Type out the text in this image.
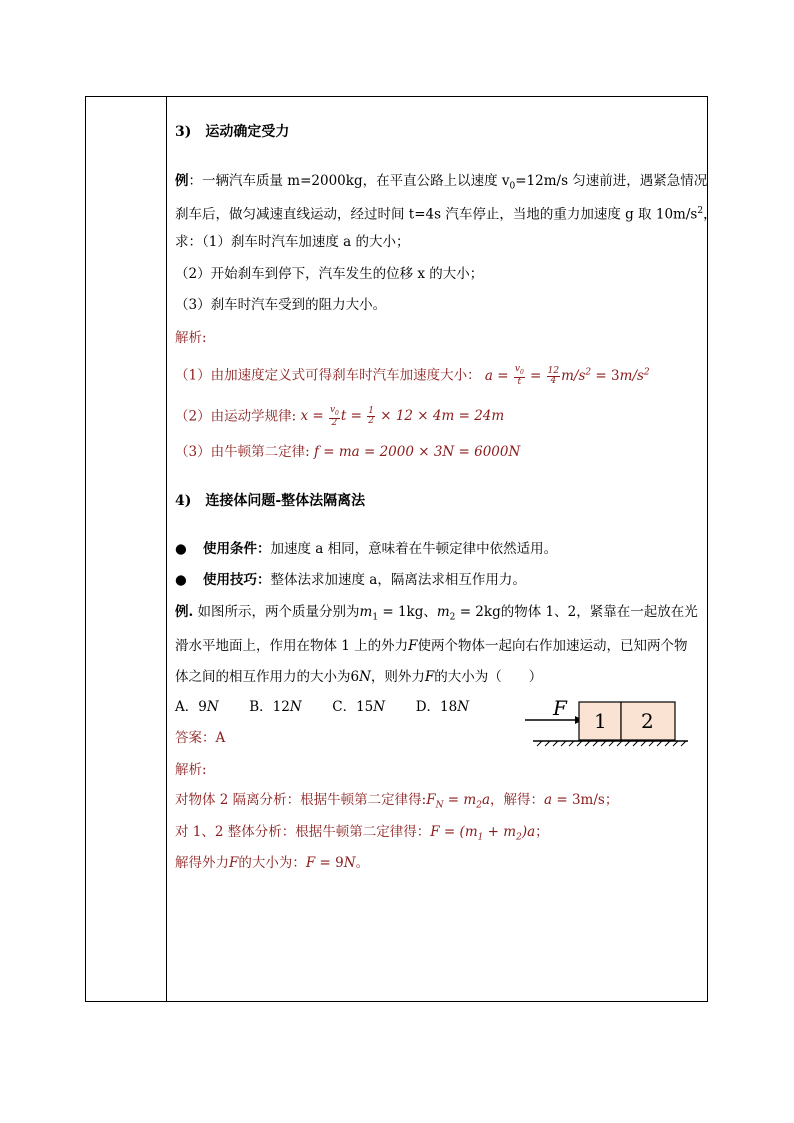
3)　运动确定受力
例：一辆汽车质量 m=2000kg，在平直公路上以速度 $v_0=12m/s$ 匀速前进，遇紧急情况
刹车后，做匀减速直线运动，经过时间 t=4s 汽车停止，当地的重力加速度 g 取 $10m/s^2$，
求：（1）刹车时汽车加速度 a 的大小；
（2）开始刹车到停下，汽车发生的位移 x 的大小；
（3）刹车时汽车受到的阻力大小。
解析:
（1）由加速度定义式可得刹车时汽车加速度大小： $a = \frac{v_0}{t} = \frac{12}{4} m/s^2 = 3m/s^2$
（2）由运动学规律: $x = \frac{v_0}{2}$ $t = \frac{1}{2} \times 12 \times 4m = 24m$
（3）由牛顿第二定律: f = ma = 2000 × 3N = 6000N
4)　连接体问题-整体法隔离法
● 使用条件：加速度 a 相同，意味着在牛顿定律中依然适用。
● 使用技巧：整体法求加速度 a，隔离法求相互作用力。
例. 如图所示，两个质量分别为$m_1 = 1kg$、$m_2 = 2kg$的物体 1、2，紧靠在一起放在光
滑水平地面上，作用在物体 1 上的外力F使两个物体一起向右作加速运动，已知两个物
体之间的相互作用力的大小为6N，则外力F的大小为（　　）
A．9N B．12N C．15N D．18N
答案：A
解析:
对物体 2 隔离分析：根据牛顿第二定律得$:F_N = m_2a$，解得：a = 3m/s；
对 1、2 整体分析：根据牛顿第二定律得：$F = (m_1 + m_2)a$；
解得外力F的大小为：F = 9N。
F
1 2
